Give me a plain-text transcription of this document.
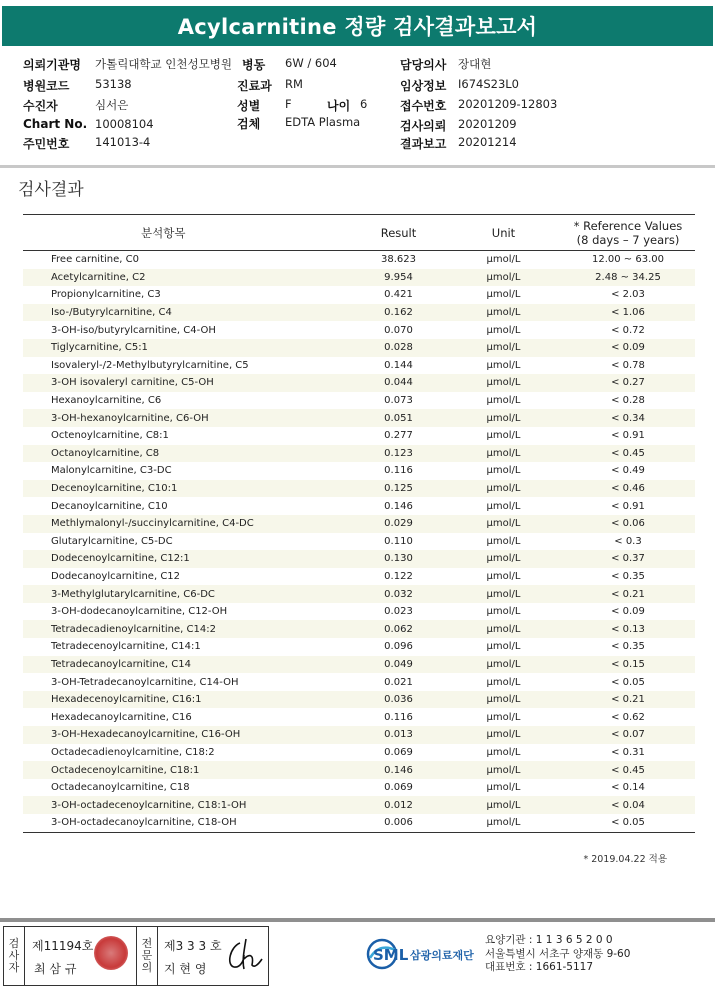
Acylcarnitine 정량 검사결과보고서
의뢰기관명 가톨릭대학교 인천성모병원 병동 6W / 604	담당의사 장대현
병원코드 53138	진료과 RM	임상정보 I674S23L0
수진자	심서은	성별 F	나이 6	접수번호 20201209-12803
Chart No. 10008104	검체 EDTA Plasma	검사의뢰 20201209
주민번호 141013-4	결과보고 20201214
검사결과
분석항목	Result	Unit	* Reference Values
(8 days – 7 years)

Free carnitine, C0	38.623	µmol/L	12.00 ~ 63.00
Acetylcarnitine, C2	9.954	µmol/L	2.48 ~ 34.25
Propionylcarnitine, C3	0.421	µmol/L	< 2.03
Iso-/Butyrylcarnitine, C4	0.162	µmol/L	< 1.06
3-OH-iso/butyrylcarnitine, C4-OH	0.070	µmol/L	< 0.72
Tiglycarnitine, C5:1	0.028	µmol/L	< 0.09
Isovaleryl-/2-Methylbutyrylcarnitine, C5	0.144	µmol/L	< 0.78
3-OH isovaleryl carnitine, C5-OH	0.044	µmol/L	< 0.27
Hexanoylcarnitine, C6	0.073	µmol/L	< 0.28
3-OH-hexanoylcarnitine, C6-OH	0.051	µmol/L	< 0.34
Octenoylcarnitine, C8:1	0.277	µmol/L	< 0.91
Octanoylcarnitine, C8	0.123	µmol/L	< 0.45
Malonylcarnitine, C3-DC	0.116	µmol/L	< 0.49
Decenoylcarnitine, C10:1	0.125	µmol/L	< 0.46
Decanoylcarnitine, C10	0.146	µmol/L	< 0.91
Methlymalonyl-/succinylcarnitine, C4-DC	0.029	µmol/L	< 0.06
Glutarylcarnitine, C5-DC	0.110	µmol/L	< 0.3
Dodecenoylcarnitine, C12:1	0.130	µmol/L	< 0.37
Dodecanoylcarnitine, C12	0.122	µmol/L	< 0.35
3-Methylglutarylcarnitine, C6-DC	0.032	µmol/L	< 0.21
3-OH-dodecanoylcarnitine, C12-OH	0.023	µmol/L	< 0.09
Tetradecadienoylcarnitine, C14:2	0.062	µmol/L	< 0.13
Tetradecenoylcarnitine, C14:1	0.096	µmol/L	< 0.35
Tetradecanoylcarnitine, C14	0.049	µmol/L	< 0.15
3-OH-Tetradecanoylcarnitine, C14-OH	0.021	µmol/L	< 0.05
Hexadecenoylcarnitine, C16:1	0.036	µmol/L	< 0.21
Hexadecanoylcarnitine, C16	0.116	µmol/L	< 0.62
3-OH-Hexadecanoylcarnitine, C16-OH	0.013	µmol/L	< 0.07
Octadecadienoylcarnitine, C18:2	0.069	µmol/L	< 0.31
Octadecenoylcarnitine, C18:1	0.146	µmol/L	< 0.45
Octadecanoylcarnitine, C18	0.069	µmol/L	< 0.14
3-OH-octadecenoylcarnitine, C18:1-OH	0.012	µmol/L	< 0.04
3-OH-octadecanoylcarnitine, C18-OH	0.006	µmol/L	< 0.05
* 2019.04.22 적용
검
사
자
제11194호
최 삼 규
전
문
의
제3 3 3 호
지 현 영
SML 삼광의료재단
요양기관 : 1 1 3 6 5 2 0 0
서울특별시 서초구 양재동 9-60
대표번호 : 1661-5117
